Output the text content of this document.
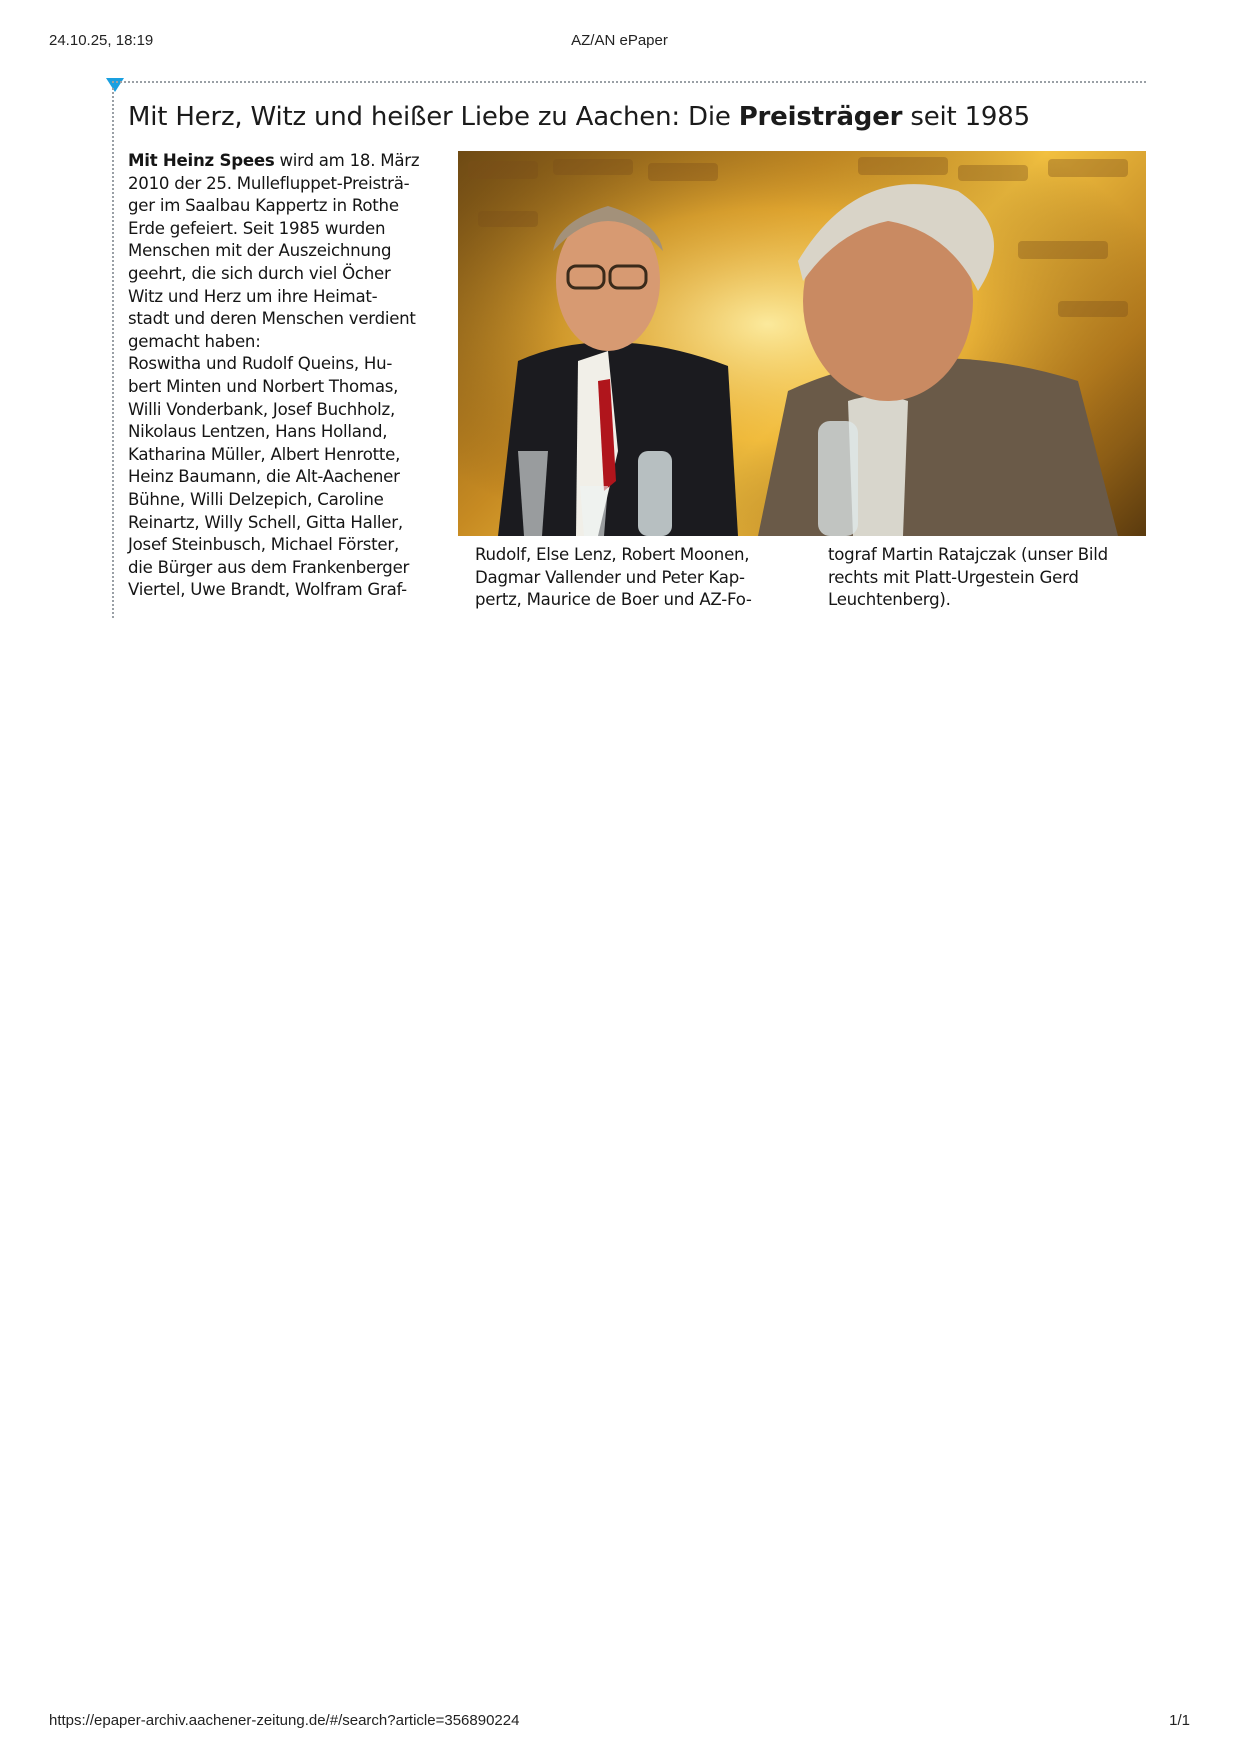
24.10.25, 18:19	AZ/AN ePaper
Mit Herz, Witz und heißer Liebe zu Aachen: Die Preisträger seit 1985
Mit Heinz Spees wird am 18. März
2010 der 25. Mullefluppet-Preisträ-
ger im Saalbau Kappertz in Rothe
Erde gefeiert. Seit 1985 wurden
Menschen mit der Auszeichnung
geehrt, die sich durch viel Öcher
Witz und Herz um ihre Heimat-
stadt und deren Menschen verdient
gemacht haben:
Roswitha und Rudolf Queins, Hu-
bert Minten und Norbert Thomas,
Willi Vonderbank, Josef Buchholz,
Nikolaus Lentzen, Hans Holland,
Katharina Müller, Albert Henrotte,
Heinz Baumann, die Alt-Aachener
Bühne, Willi Delzepich, Caroline
Reinartz, Willy Schell, Gitta Haller,
Josef Steinbusch, Michael Förster,
die Bürger aus dem Frankenberger
Viertel, Uwe Brandt, Wolfram Graf-
Rudolf, Else Lenz, Robert Moonen,
Dagmar Vallender und Peter Kap-
pertz, Maurice de Boer und AZ-Fo-
tograf Martin Ratajczak (unser Bild
rechts mit Platt-Urgestein Gerd
Leuchtenberg).
https://epaper-archiv.aachener-zeitung.de/#/search?article=356890224	1/1
